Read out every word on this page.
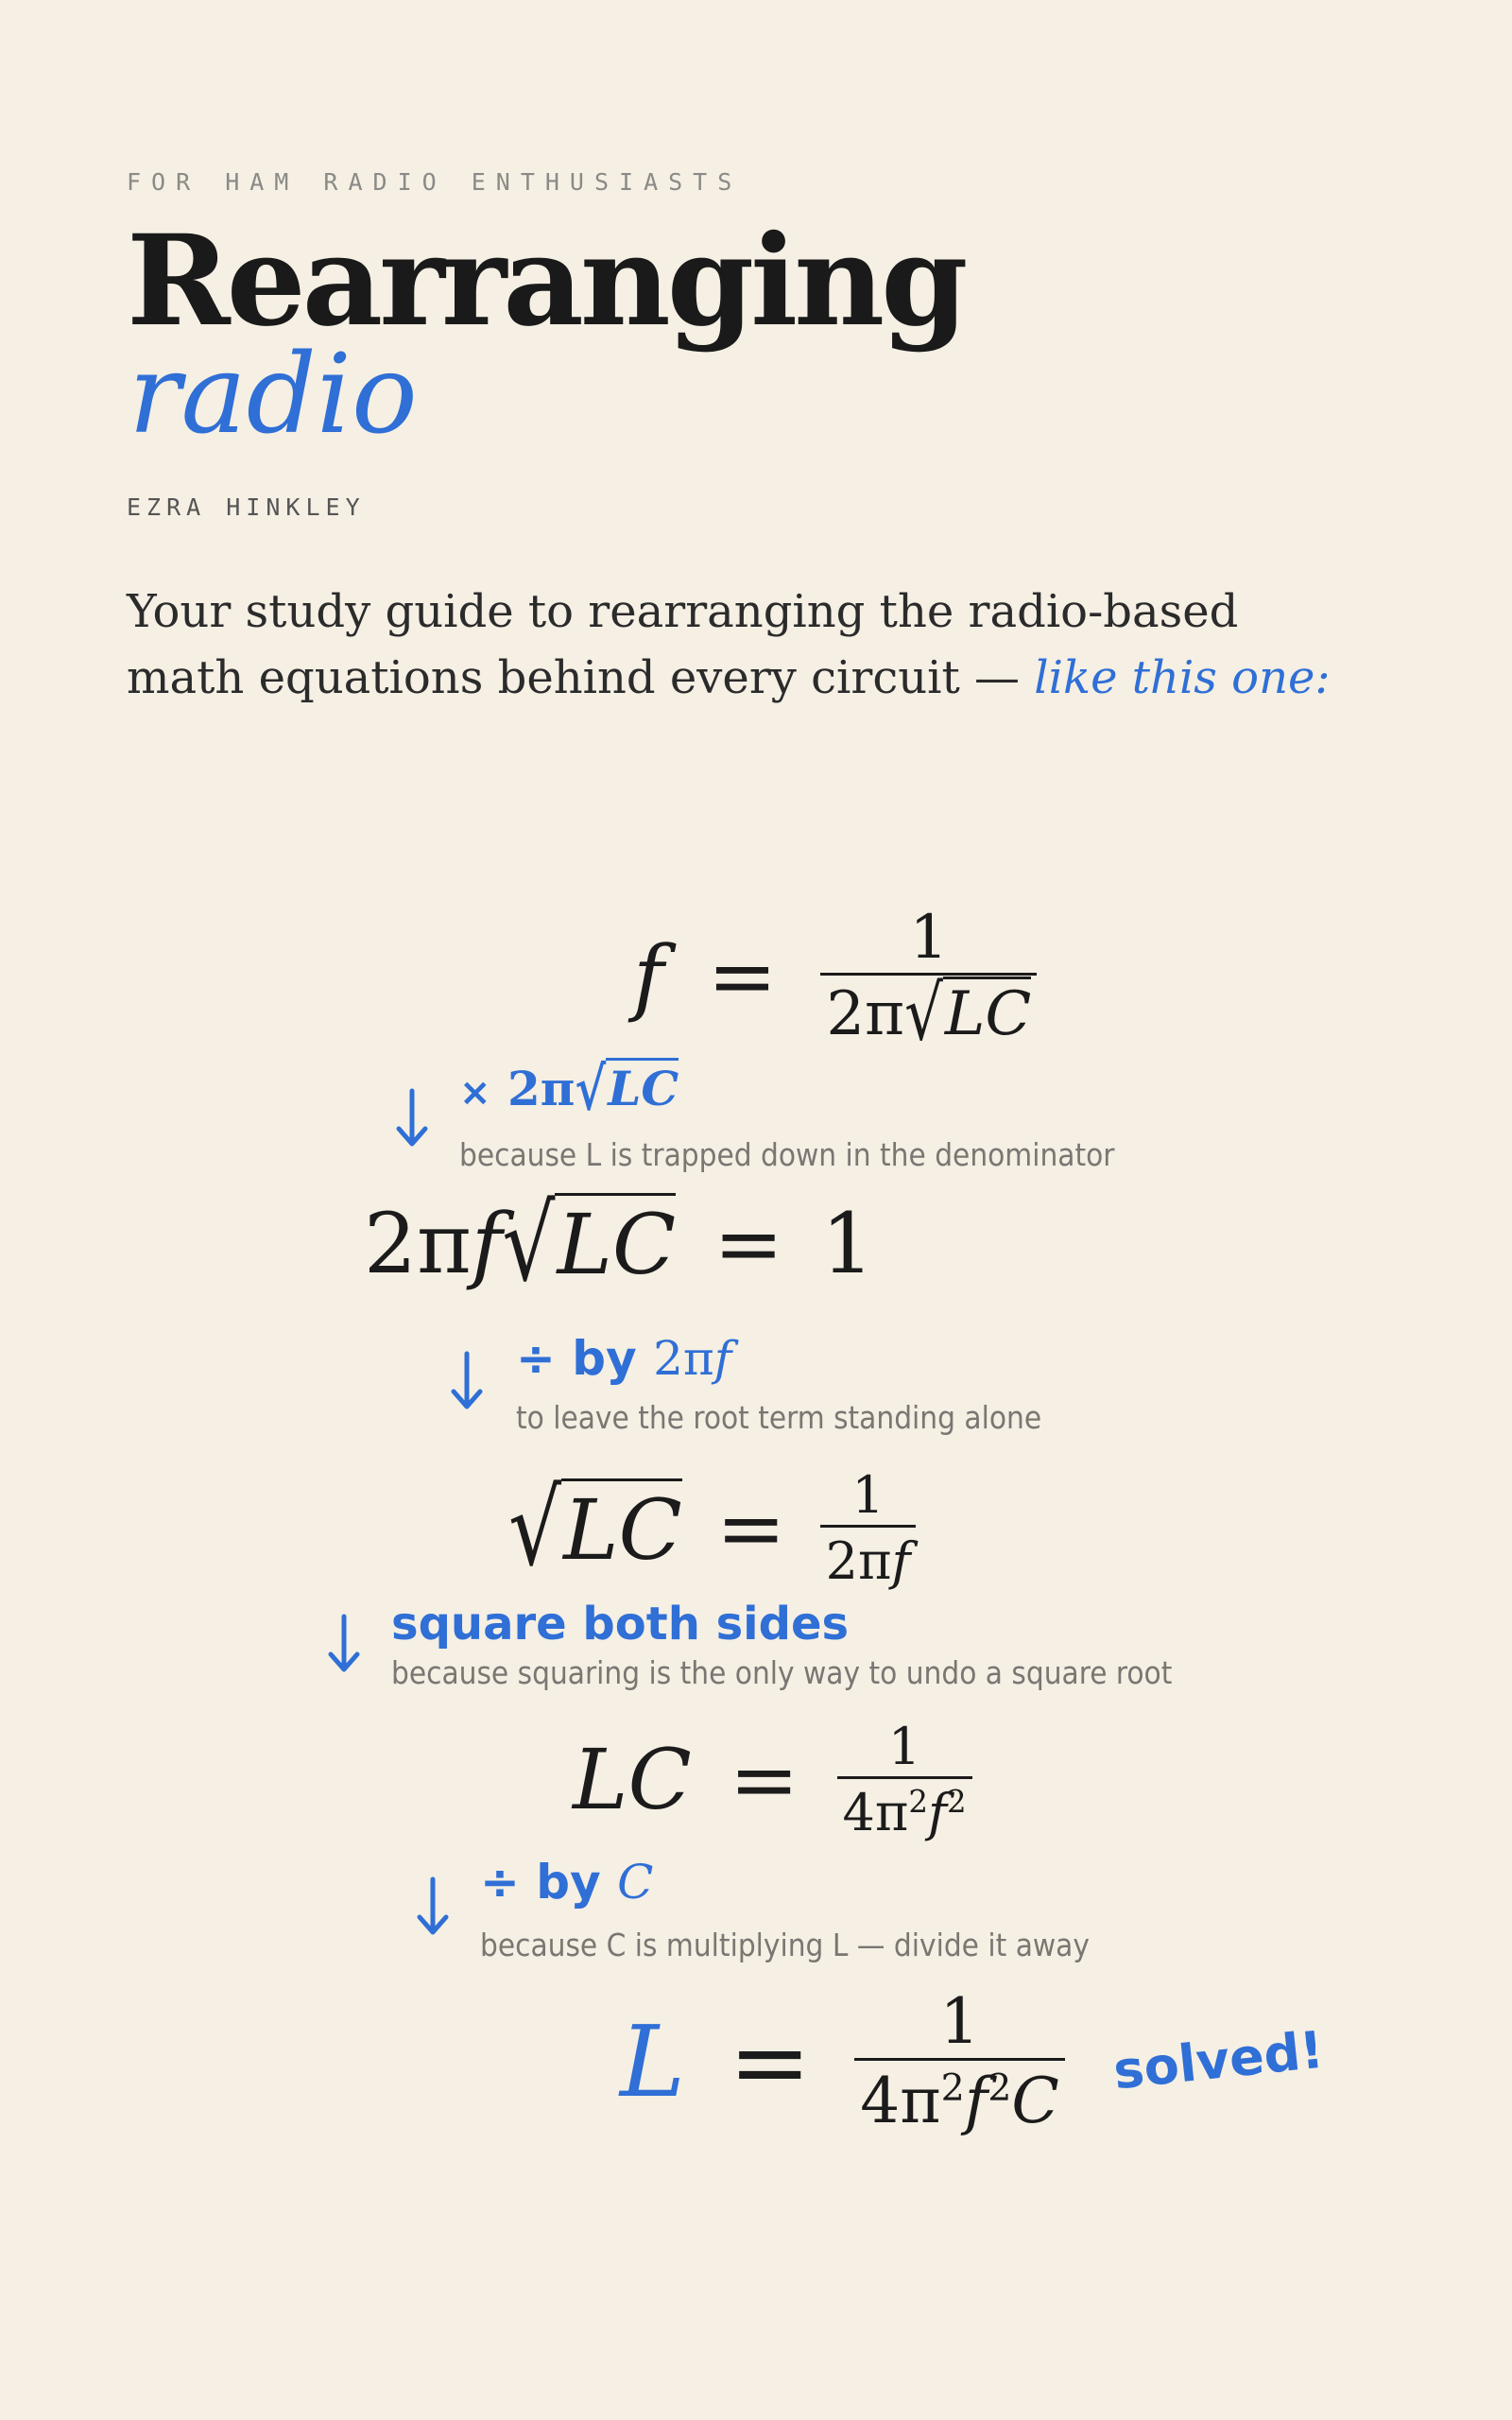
FOR HAM RADIO ENTHUSIASTS
Rearranging
radio
EZRA HINKLEY
Your study guide to rearranging the radio-based math equations behind every circuit — like this one:
$f = \frac{1}{2\pi√LC}$
× 2π√LC
because L is trapped down in the denominator
2π f √ LC = 1
÷ by 2πf
to leave the root term standing alone
√ LC = $\frac{1}{2\pi f}$
square both sides
because squaring is the only way to undo a square root
LC = $\frac{1}{4\pi^2f^2}$
÷ by C
because C is multiplying L — divide it away
$L = \frac{1}{4\pi^2f^2C}$ solved!
